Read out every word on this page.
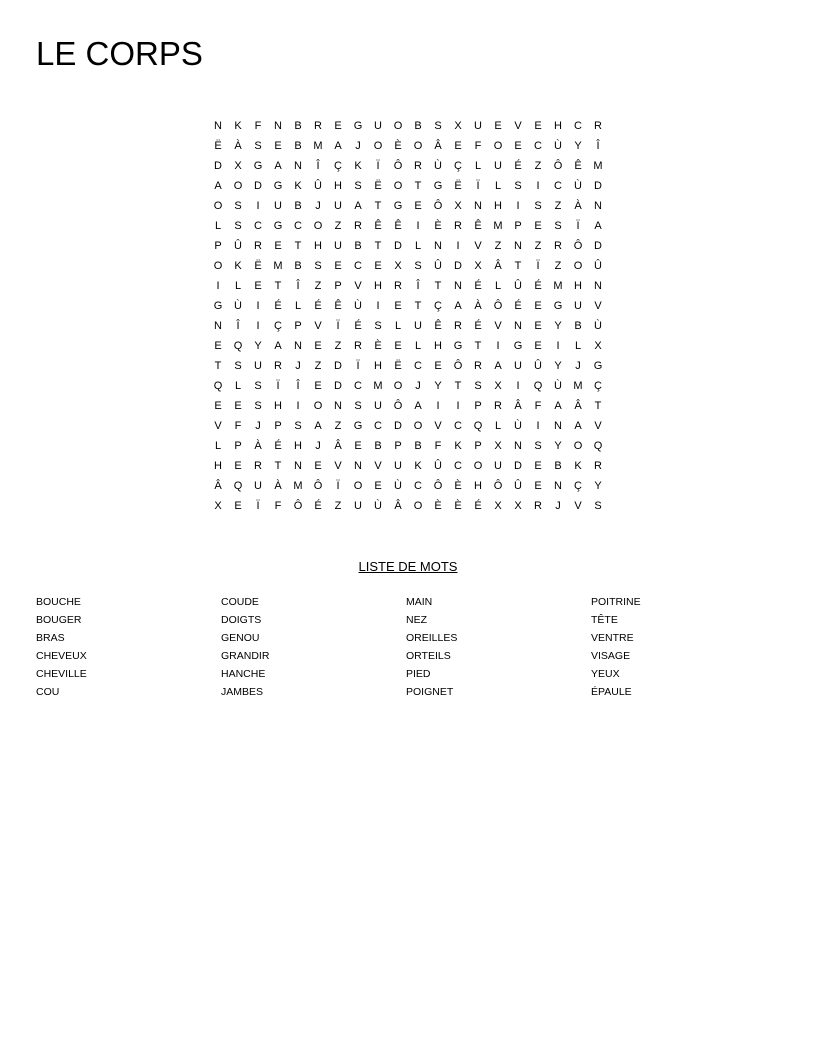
LE CORPS
N	K	F	N	B	R	E	G	U	O	B	S	X	U	E	V	E	H	C	R
Ë	À	S	E	B	M	A	J	O	È	O	Â	E	F	O	E	C	Ù	Y	Î
D	X	G	A	N	Î	Ç	K	Ï	Ô	R	Ù	Ç	L	U	É	Z	Ô	Ê	M
A	O	D	G	K	Û	H	S	Ë	O	T	G	Ë	Ï	L	S	I	C	Ù	D
O	S	I	U	B	J	U	A	T	G	E	Ô	X	N	H	I	S	Z	À	N
L	S	C	G	C	O	Z	R	Ê	Ê	I	È	R	Ê	M	P	E	S	Ï	A
P	Û	R	E	T	H	U	B	T	D	L	N	I	V	Z	N	Z	R	Ô	D
O	K	Ë	M	B	S	E	C	E	X	S	Û	D	X	Â	T	Ï	Z	O	Û
I	L	E	T	Î	Z	P	V	H	R	Î	T	N	É	L	Û	É	M	H	N
G	Ù	I	É	L	É	Ê	Ù	I	E	T	Ç	A	À	Ô	É	E	G	U	V
N	Î	I	Ç	P	V	Ï	É	S	L	U	Ê	R	É	V	N	E	Y	B	Ù
E	Q	Y	A	N	E	Z	R	È	E	L	H	G	T	I	G	E	I	L	X
T	S	U	R	J	Z	D	Ï	H	Ë	C	E	Ô	R	A	U	Û	Y	J	G
Q	L	S	Ï	Î	E	D	C	M	O	J	Y	T	S	X	I	Q	Ù	M	Ç
E	E	S	H	I	O	N	S	U	Ô	A	I	I	P	R	Â	F	A	Â	T
V	F	J	P	S	A	Z	G	C	D	O	V	C	Q	L	Ù	I	N	A	V
L	P	À	É	H	J	Â	E	B	P	B	F	K	P	X	N	S	Y	O	Q
H	E	R	T	N	E	V	N	V	U	K	Û	C	O	U	D	E	B	K	R
Â	Q	U	À	M	Ô	Ï	O	E	Ù	C	Ô	È	H	Ô	Û	E	N	Ç	Y
X	E	Ï	F	Ô	É	Z	U	Ù	Â	O	È	È	É	X	X	R	J	V	S
LISTE DE MOTS
BOUCHE
BOUGER
BRAS
CHEVEUX
CHEVILLE
COU
COUDE
DOIGTS
GENOU
GRANDIR
HANCHE
JAMBES
MAIN
NEZ
OREILLES
ORTEILS
PIED
POIGNET
POITRINE
TÊTE
VENTRE
VISAGE
YEUX
ÉPAULE
